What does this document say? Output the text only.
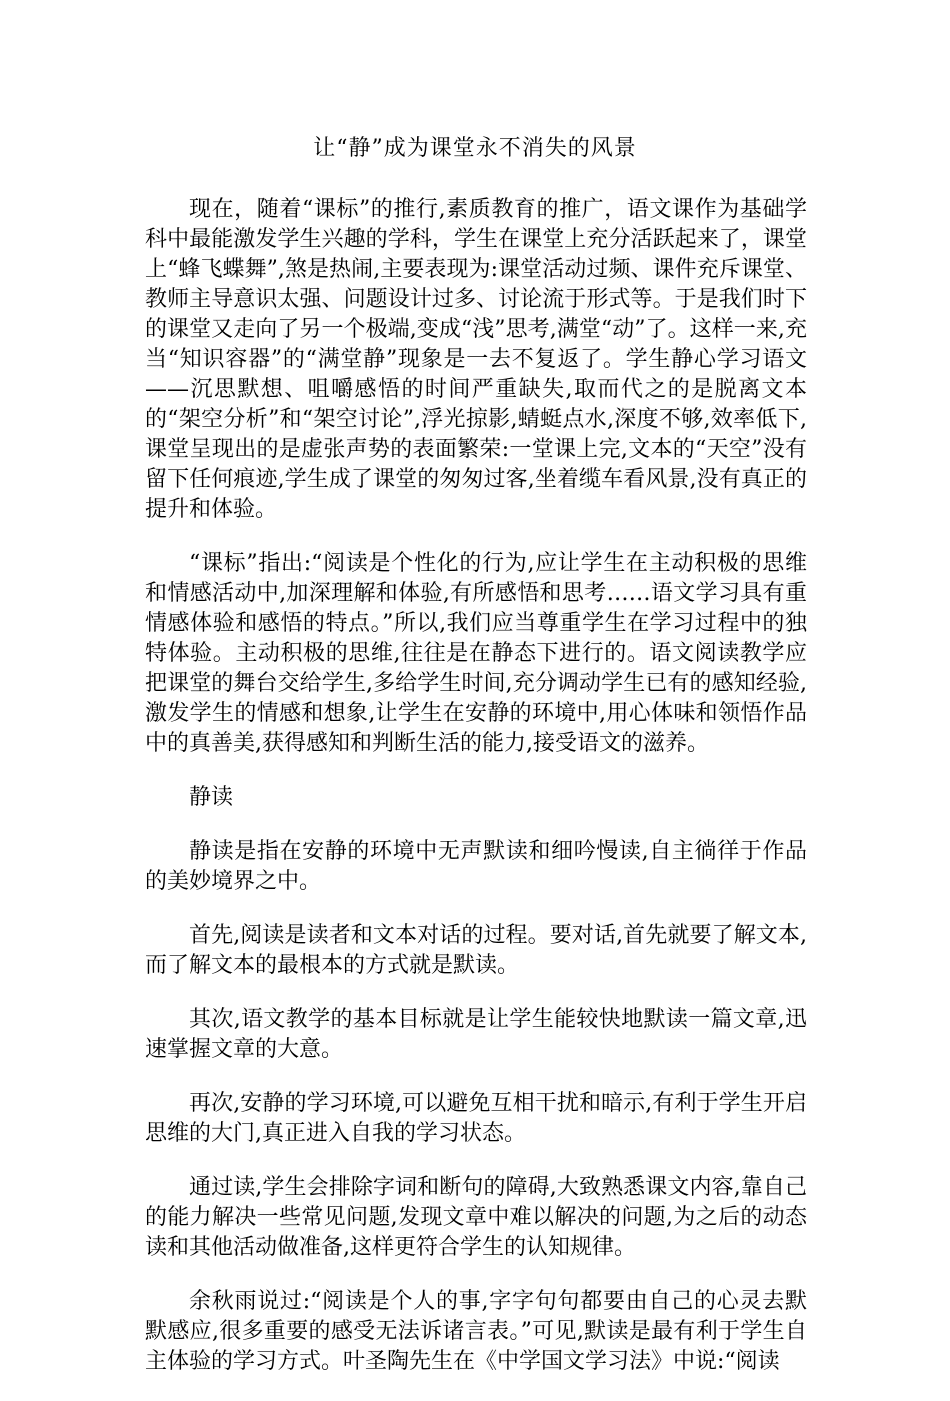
让“静”成为课堂永不消失的风景

现在，随着“课标”的推行,素质教育的推广，语文课作为基础学科中最能激发学生兴趣的学科，学生在课堂上充分活跃起来了，课堂上“蜂飞蝶舞”,煞是热闹,主要表现为:课堂活动过频、课件充斥课堂、教师主导意识太强、问题设计过多、讨论流于形式等。于是我们时下的课堂又走向了另一个极端,变成“浅”思考,满堂“动”了。这样一来,充当“知识容器”的“满堂静”现象是一去不复返了。学生静心学习语文——沉思默想、咀嚼感悟的时间严重缺失,取而代之的是脱离文本的“架空分析”和“架空讨论”,浮光掠影,蜻蜓点水,深度不够,效率低下,课堂呈现出的是虚张声势的表面繁荣:一堂课上完,文本的“天空”没有留下任何痕迹,学生成了课堂的匆匆过客,坐着缆车看风景,没有真正的提升和体验。

“课标”指出:“阅读是个性化的行为,应让学生在主动积极的思维和情感活动中,加深理解和体验,有所感悟和思考……语文学习具有重情感体验和感悟的特点。”所以,我们应当尊重学生在学习过程中的独特体验。主动积极的思维,往往是在静态下进行的。语文阅读教学应把课堂的舞台交给学生,多给学生时间,充分调动学生已有的感知经验,激发学生的情感和想象,让学生在安静的环境中,用心体味和领悟作品中的真善美,获得感知和判断生活的能力,接受语文的滋养。

静读

静读是指在安静的环境中无声默读和细吟慢读,自主徜徉于作品的美妙境界之中。

首先,阅读是读者和文本对话的过程。要对话,首先就要了解文本,而了解文本的最根本的方式就是默读。

其次,语文教学的基本目标就是让学生能较快地默读一篇文章,迅速掌握文章的大意。

再次,安静的学习环境,可以避免互相干扰和暗示,有利于学生开启思维的大门,真正进入自我的学习状态。

通过读,学生会排除字词和断句的障碍,大致熟悉课文内容,靠自己的能力解决一些常见问题,发现文章中难以解决的问题,为之后的动态读和其他活动做准备,这样更符合学生的认知规律。

余秋雨说过:“阅读是个人的事,字字句句都要由自己的心灵去默默感应,很多重要的感受无法诉诸言表。”可见,默读是最有利于学生自主体验的学习方式。叶圣陶先生在《中学国文学习法》中说:“阅读
